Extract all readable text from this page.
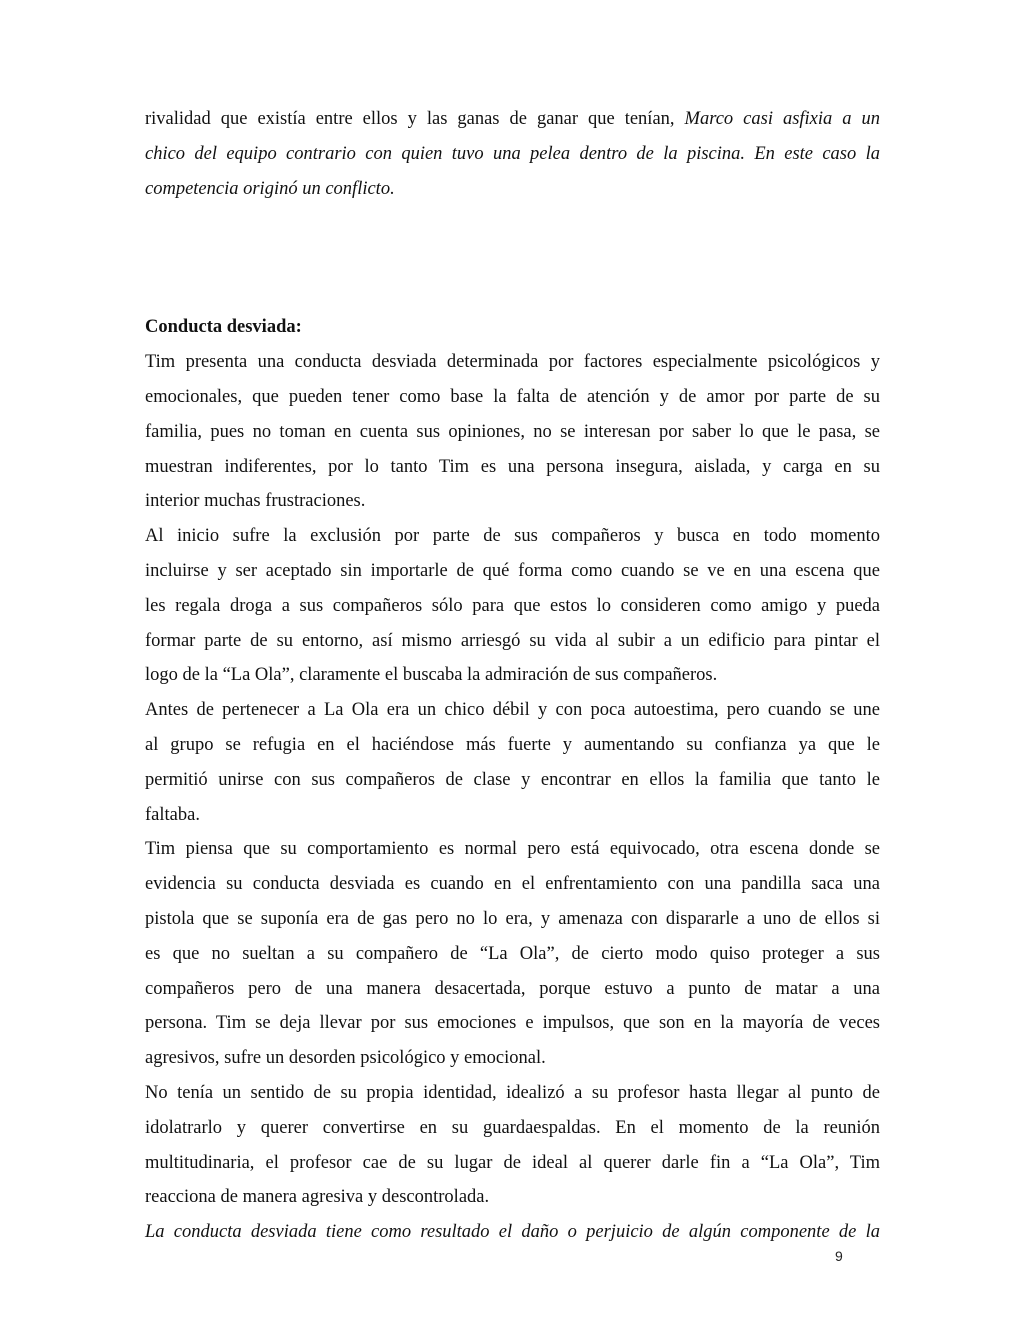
rivalidad que existía entre ellos y las ganas de ganar que tenían, Marco casi asfixia a un

chico del equipo contrario con quien tuvo una pelea dentro de la piscina. En este caso la

competencia originó un conflicto.

Conducta desviada:

Tim presenta una conducta desviada determinada por factores especialmente psicológicos y

emocionales, que pueden tener como base la falta de atención y de amor por parte de su

familia, pues no toman en cuenta sus opiniones, no se interesan por saber lo que le pasa, se

muestran indiferentes, por lo tanto Tim es una persona insegura, aislada, y carga en su

interior muchas frustraciones.

Al inicio sufre la exclusión por parte de sus compañeros y busca en todo momento

incluirse y ser aceptado sin importarle de qué forma como cuando se ve en una escena que

les regala droga a sus compañeros sólo para que estos lo consideren como amigo y pueda

formar parte de su entorno, así mismo arriesgó su vida al subir a un edificio para pintar el

logo de la “La Ola”, claramente el buscaba la admiración de sus compañeros.

Antes de pertenecer a La Ola era un chico débil y con poca autoestima, pero cuando se une

al grupo se refugia en el haciéndose más fuerte y aumentando su confianza ya que le

permitió unirse con sus compañeros de clase y encontrar en ellos la familia que tanto le

faltaba.

Tim piensa que su comportamiento es normal pero está equivocado, otra escena donde se

evidencia su conducta desviada es cuando en el enfrentamiento con una pandilla saca una

pistola que se suponía era de gas pero no lo era, y amenaza con dispararle a uno de ellos si

es que no sueltan a su compañero de “La Ola”, de cierto modo quiso proteger a sus

compañeros pero de una manera desacertada, porque estuvo a punto de matar a una

persona. Tim se deja llevar por sus emociones e impulsos, que son en la mayoría de veces

agresivos, sufre un desorden psicológico y emocional.

No tenía un sentido de su propia identidad, idealizó a su profesor hasta llegar al punto de

idolatrarlo y querer convertirse en su guardaespaldas. En el momento de la reunión

multitudinaria, el profesor cae de su lugar de ideal al querer darle fin a “La Ola”, Tim

reacciona de manera agresiva y descontrolada.

La conducta desviada tiene como resultado el daño o perjuicio de algún componente de la

9
